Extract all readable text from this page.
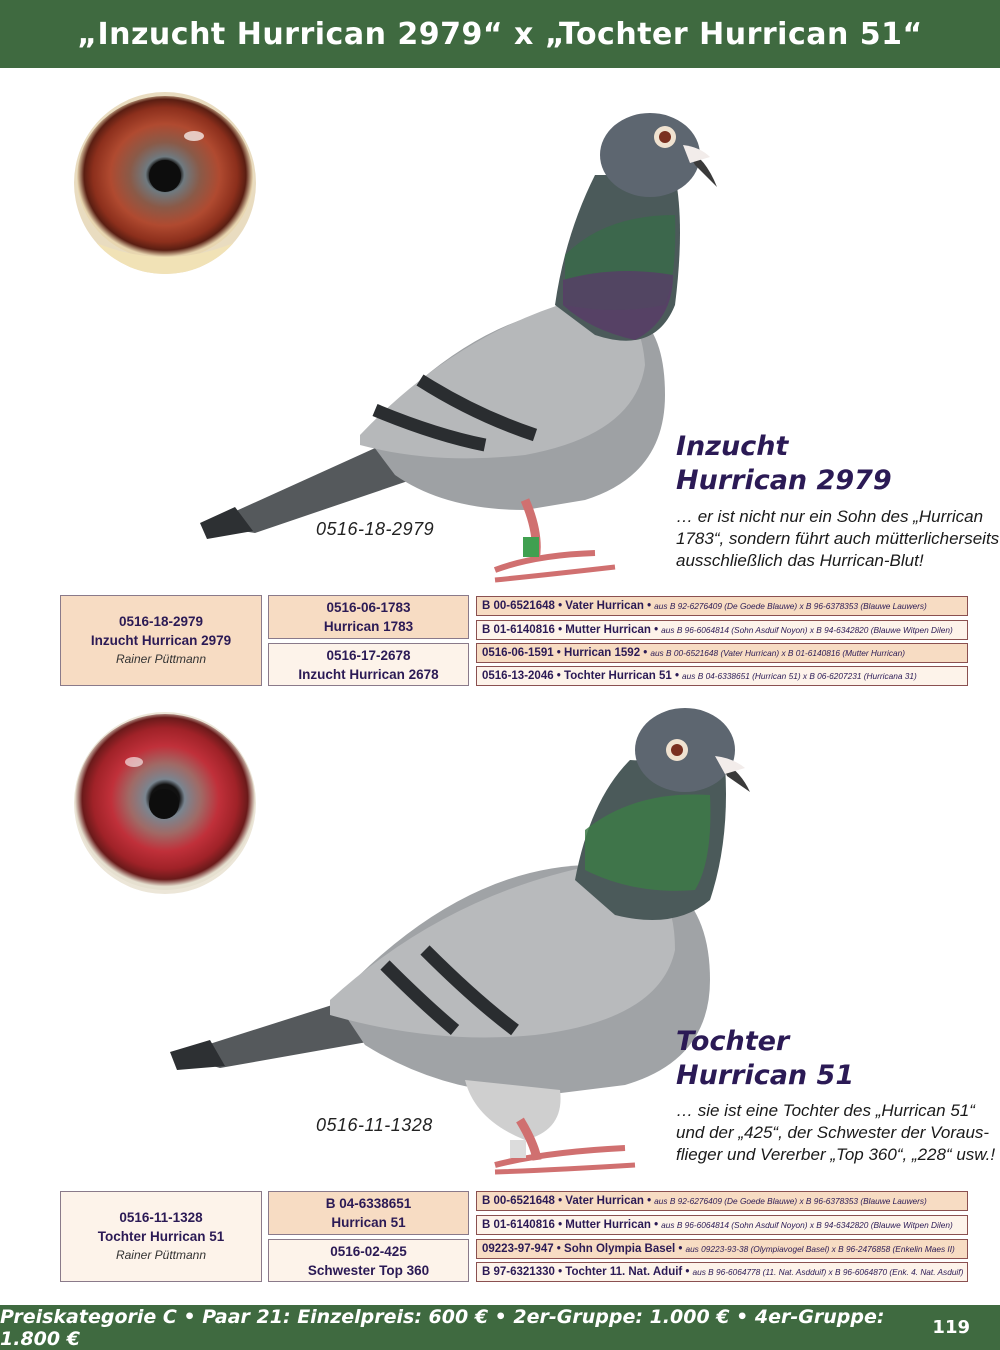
„Inzucht Hurrican 2979“ x „Tochter Hurrican 51“
0516-18-2979
Inzucht
Hurrican 2979
… er ist nicht nur ein Sohn des „Hurrican
1783“, sondern führt auch mütterlicherseits
ausschließlich das Hurrican-Blut!
0516-18-2979
Inzucht Hurrican 2979
Rainer Püttmann
0516-06-1783
Hurrican 1783
0516-17-2678
Inzucht Hurrican 2678
B 00-6521648 • Vater Hurrican • aus B 92-6276409 (De Goede Blauwe) x B 96-6378353 (Blauwe Lauwers)
B 01-6140816 • Mutter Hurrican • aus B 96-6064814 (Sohn Asduif Noyon) x B 94-6342820 (Blauwe Witpen Dilen)
0516-06-1591 • Hurrican 1592 • aus B 00-6521648 (Vater Hurrican) x B 01-6140816 (Mutter Hurrican)
0516-13-2046 • Tochter Hurrican 51 • aus B 04-6338651 (Hurrican 51) x B 06-6207231 (Hurricana 31)
0516-11-1328
Tochter
Hurrican 51
… sie ist eine Tochter des „Hurrican 51“
und der „425“, der Schwester der Voraus-
flieger und Vererber „Top 360“, „228“ usw.!
0516-11-1328
Tochter Hurrican 51
Rainer Püttmann
B 04-6338651
Hurrican 51
0516-02-425
Schwester Top 360
B 00-6521648 • Vater Hurrican • aus B 92-6276409 (De Goede Blauwe) x B 96-6378353 (Blauwe Lauwers)
B 01-6140816 • Mutter Hurrican • aus B 96-6064814 (Sohn Asduif Noyon) x B 94-6342820 (Blauwe Witpen Dilen)
09223-97-947 • Sohn Olympia Basel • aus 09223-93-38 (Olympiavogel Basel) x B 96-2476858 (Enkelin Maes II)
B 97-6321330 • Tochter 11. Nat. Aduif • aus B 96-6064778 (11. Nat. Asdduif) x B 96-6064870 (Enk. 4. Nat. Asduif)
Preiskategorie C • Paar 21: Einzelpreis: 600 € • 2er-Gruppe: 1.000 € • 4er-Gruppe: 1.800 €	119
